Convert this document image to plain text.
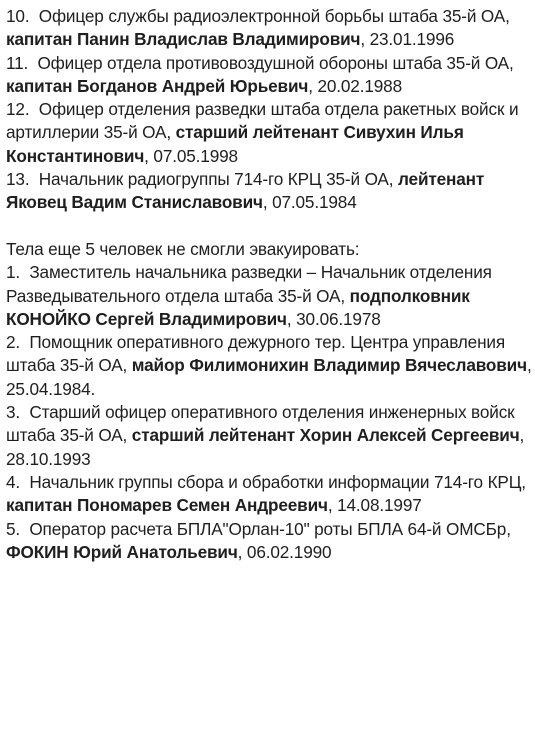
10. Офицер службы радиоэлектронной борьбы штаба 35-й ОА, капитан Панин Владислав Владимирович, 23.01.1996

11. Офицер отдела противовоздушной обороны штаба 35-й ОА, капитан Богданов Андрей Юрьевич, 20.02.1988

12. Офицер отделения разведки штаба отдела ракетных войск и артиллерии 35-й ОА, старший лейтенант Сивухин Илья Константинович, 07.05.1998

13. Начальник радиогруппы 714-го КРЦ 35-й ОА, лейтенант Яковец Вадим Станиславович, 07.05.1984

Тела еще 5 человек не смогли эвакуировать:

1. Заместитель начальника разведки – Начальник отделения Разведывательного отдела штаба 35-й ОА, подполковник КОНОЙКО Сергей Владимирович, 30.06.1978

2. Помощник оперативного дежурного тер. Центра управления штаба 35-й ОА, майор Филимонихин Владимир Вячеславович, 25.04.1984.

3. Старший офицер оперативного отделения инженерных войск штаба 35-й ОА, старший лейтенант Хорин Алексей Сергеевич, 28.10.1993

4. Начальник группы сбора и обработки информации 714-го КРЦ, капитан Пономарев Семен Андреевич, 14.08.1997

5. Оператор расчета БПЛА"Орлан-10" роты БПЛА 64-й ОМСБр, ФОКИН Юрий Анатольевич, 06.02.1990
